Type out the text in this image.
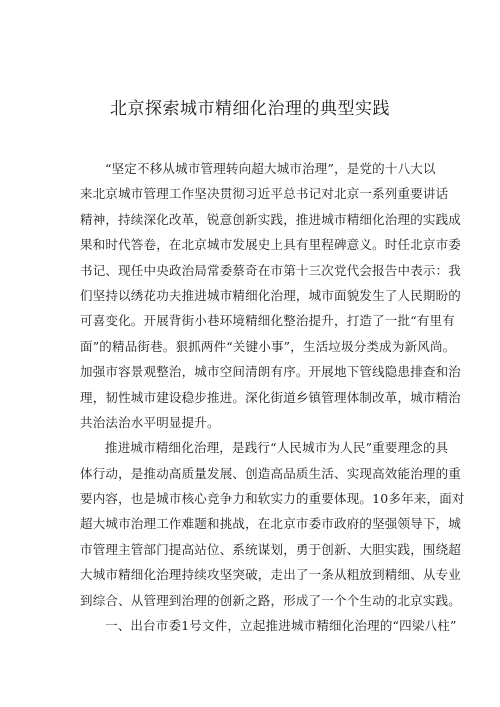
北京探索城市精细化治理的典型实践
“坚定不移从城市管理转向超大城市治理”，是党的十八大以
来北京城市管理工作坚决贯彻习近平总书记对北京一系列重要讲话
精神，持续深化改革，锐意创新实践，推进城市精细化治理的实践成
果和时代答卷，在北京城市发展史上具有里程碑意义。时任北京市委
书记、现任中央政治局常委蔡奇在市第十三次党代会报告中表示：我
们坚持以绣花功夫推进城市精细化治理，城市面貌发生了人民期盼的
可喜变化。开展背街小巷环境精细化整治提升，打造了一批“有里有
面”的精品街巷。狠抓两件“关键小事”，生活垃圾分类成为新风尚。
加强市容景观整治，城市空间清朗有序。开展地下管线隐患排查和治
理，韧性城市建设稳步推进。深化街道乡镇管理体制改革，城市精治
共治法治水平明显提升。
推进城市精细化治理，是践行“人民城市为人民”重要理念的具
体行动，是推动高质量发展、创造高品质生活、实现高效能治理的重
要内容，也是城市核心竞争力和软实力的重要体现。10多年来，面对
超大城市治理工作难题和挑战，在北京市委市政府的坚强领导下，城
市管理主管部门提高站位、系统谋划，勇于创新、大胆实践，围绕超
大城市精细化治理持续攻坚突破，走出了一条从粗放到精细、从专业
到综合、从管理到治理的创新之路，形成了一个个生动的北京实践。
一、出台市委1号文件，立起推进城市精细化治理的“四梁八柱”
